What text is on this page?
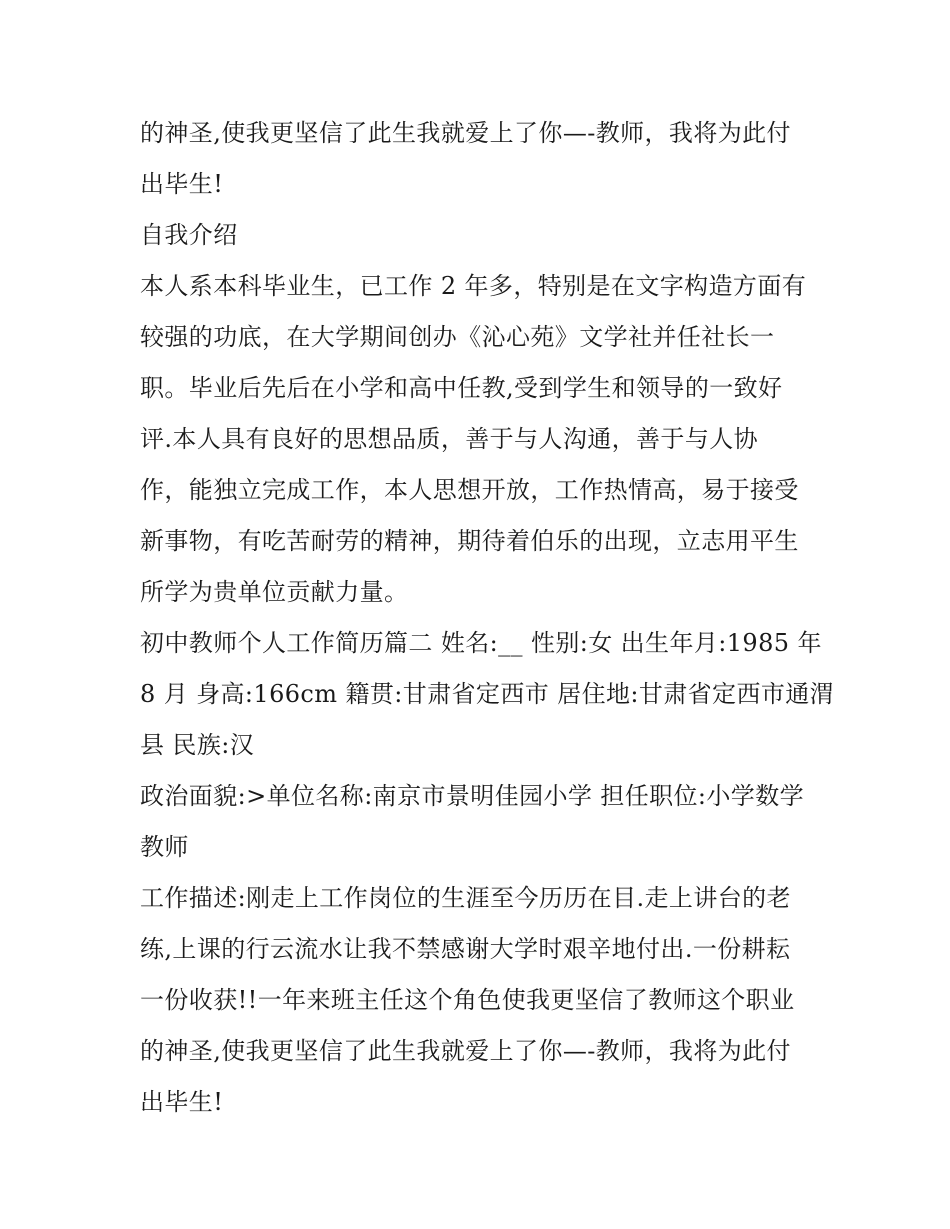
的神圣,使我更坚信了此生我就爱上了你—-教师，我将为此付
出毕生!
自我介绍
本人系本科毕业生，已工作 2 年多，特别是在文字构造方面有
较强的功底，在大学期间创办《沁心苑》文学社并任社长一
职。毕业后先后在小学和高中任教,受到学生和领导的一致好
评.本人具有良好的思想品质，善于与人沟通，善于与人协
作，能独立完成工作，本人思想开放，工作热情高，易于接受
新事物，有吃苦耐劳的精神，期待着伯乐的出现，立志用平生
所学为贵单位贡献力量。
初中教师个人工作简历篇二 姓名:__ 性别:女 出生年月:1985 年
8 月 身高:166cm 籍贯:甘肃省定西市 居住地:甘肃省定西市通渭
县 民族:汉
政治面貌:>单位名称:南京市景明佳园小学 担任职位:小学数学
教师
工作描述:刚走上工作岗位的生涯至今历历在目.走上讲台的老
练,上课的行云流水让我不禁感谢大学时艰辛地付出.一份耕耘
一份收获!!一年来班主任这个角色使我更坚信了教师这个职业
的神圣,使我更坚信了此生我就爱上了你—-教师，我将为此付
出毕生!
